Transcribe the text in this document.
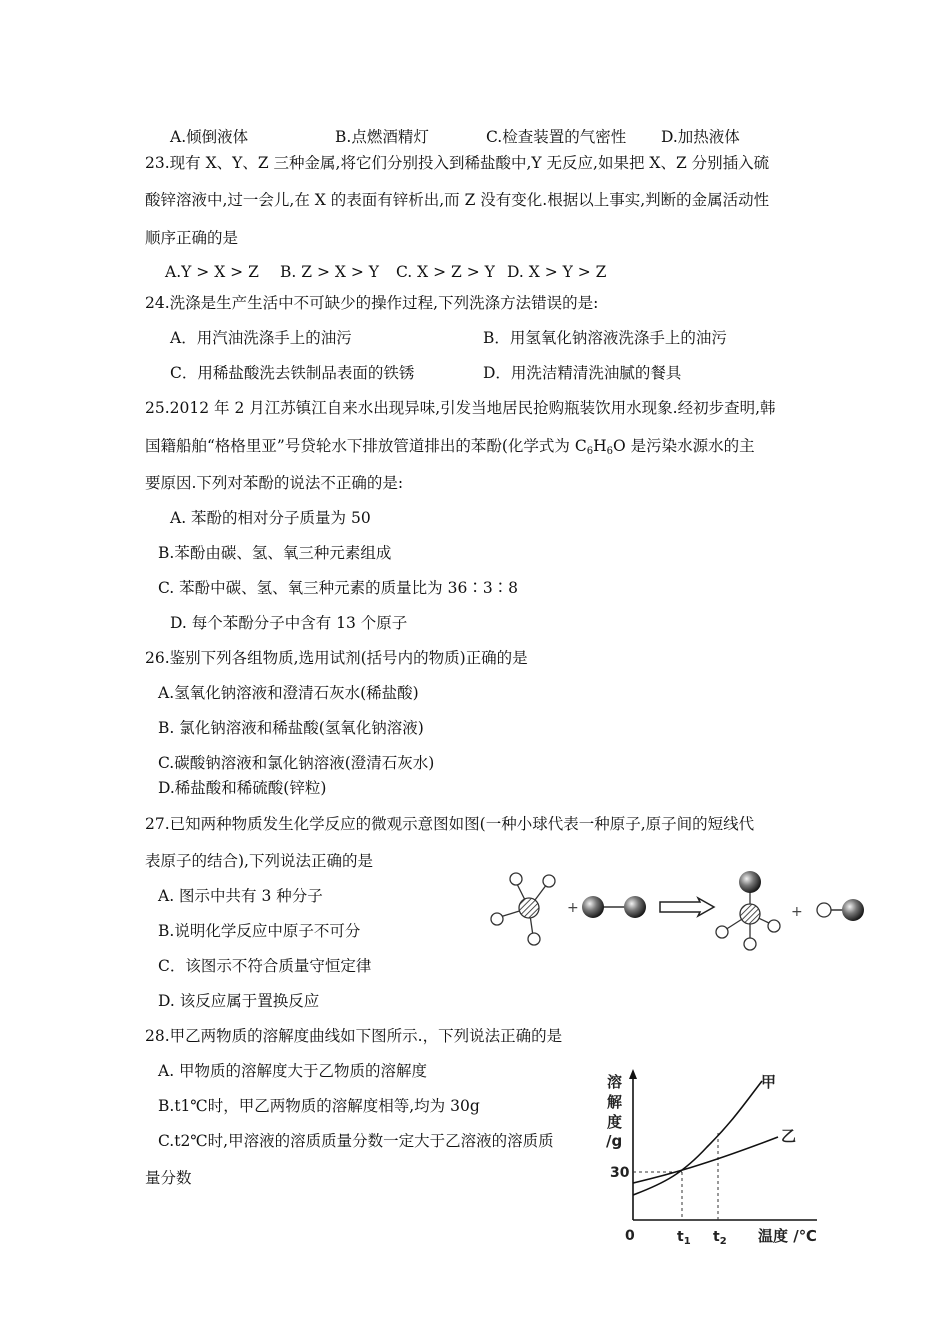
A.倾倒液体	B.点燃酒精灯	C.检查装置的气密性 D.加热液体
23.现有 X、Y、Z 三种金属,将它们分别投入到稀盐酸中,Y 无反应,如果把 X、Z 分别插入硫
酸锌溶液中,过一会儿,在 X 的表面有锌析出,而 Z 没有变化.根据以上事实,判断的金属活动性
顺序正确的是
A.Y > X > Z B. Z > X > Y C. X > Z > Y D. X > Y > Z
24.洗涤是生产生活中不可缺少的操作过程,下列洗涤方法错误的是:
A．用汽油洗涤手上的油污	B．用氢氧化钠溶液洗涤手上的油污
C．用稀盐酸洗去铁制品表面的铁锈	D．用洗洁精清洗油腻的餐具
25.2012 年 2 月江苏镇江自来水出现异味,引发当地居民抢购瓶装饮用水现象.经初步查明,韩
国籍船舶“格格里亚”号贷轮水下排放管道排出的苯酚(化学式为 $C_6H_6O$ 是污染水源水的主
要原因.下列对苯酚的说法不正确的是:
A. 苯酚的相对分子质量为 50
B.苯酚由碳、氢、氧三种元素组成
C. 苯酚中碳、氢、氧三种元素的质量比为 36∶3∶8
D. 每个苯酚分子中含有 13 个原子
26.鉴别下列各组物质,选用试剂(括号内的物质)正确的是
A.氢氧化钠溶液和澄清石灰水(稀盐酸)
B. 氯化钠溶液和稀盐酸(氢氧化钠溶液)
C.碳酸钠溶液和氯化钠溶液(澄清石灰水)
D.稀盐酸和稀硫酸(锌粒)
27.已知两种物质发生化学反应的微观示意图如图(一种小球代表一种原子,原子间的短线代
表原子的结合),下列说法正确的是
A. 图示中共有 3 种分子
B.说明化学反应中原子不可分
C．该图示不符合质量守恒定律
D. 该反应属于置换反应
+	+
28.甲乙两物质的溶解度曲线如下图所示.，下列说法正确的是
A. 甲物质的溶解度大于乙物质的溶解度
B.t1℃时，甲乙两物质的溶解度相等,均为 30g
C.t2℃时,甲溶液的溶质质量分数一定大于乙溶液的溶质质
量分数
溶
解
度
/g
甲
乙
30
0	$t_1$ $t_2$ 温度 /℃
